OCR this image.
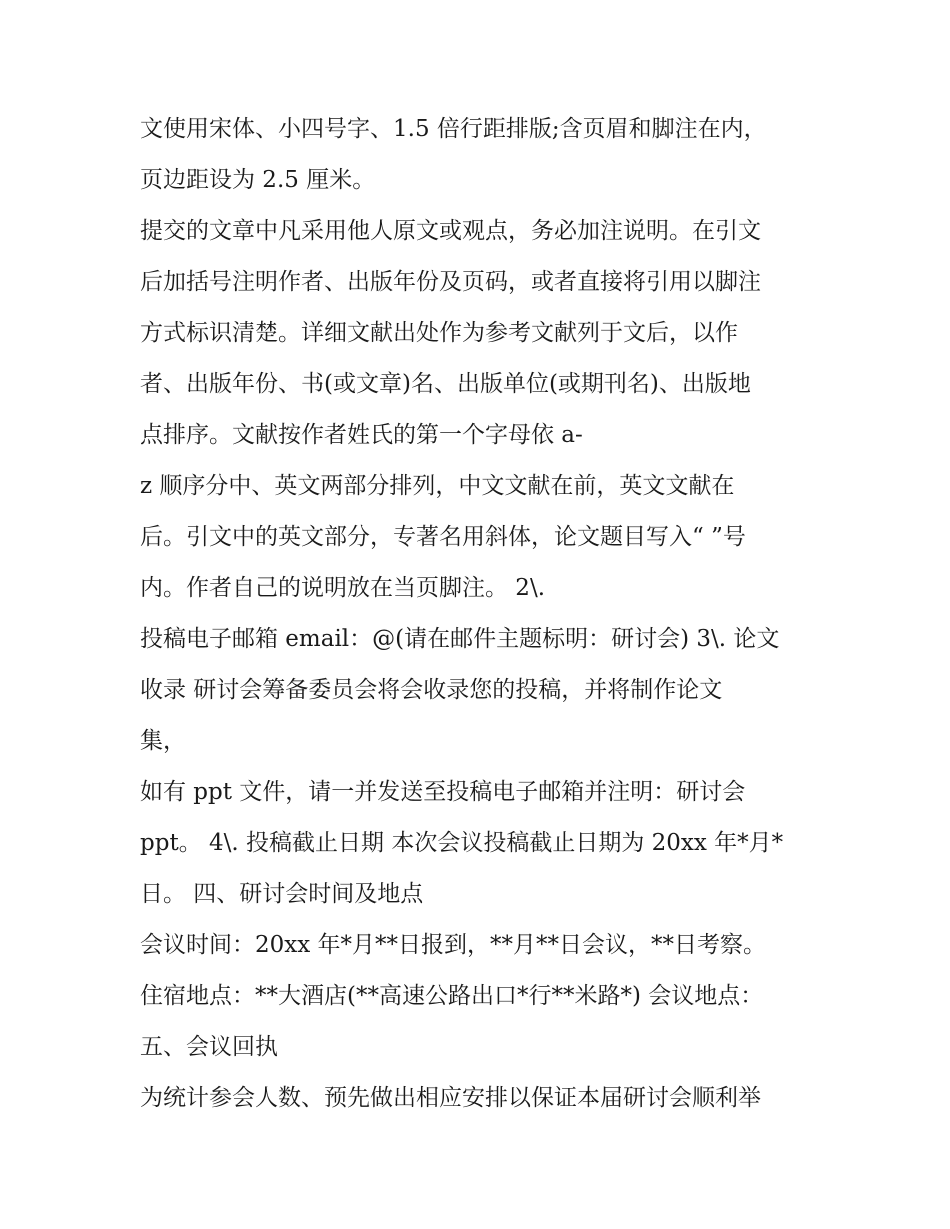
文使用宋体、小四号字、1.5 倍行距排版;含页眉和脚注在内，
页边距设为 2.5 厘米。
提交的文章中凡采用他人原文或观点，务必加注说明。在引文
后加括号注明作者、出版年份及页码，或者直接将引用以脚注
方式标识清楚。详细文献出处作为参考文献列于文后，以作
者、出版年份、书(或文章)名、出版单位(或期刊名)、出版地
点排序。文献按作者姓氏的第一个字母依 a-
z 顺序分中、英文两部分排列，中文文献在前，英文文献在
后。引文中的英文部分，专著名用斜体，论文题目写入“ ”号
内。作者自己的说明放在当页脚注。 2\.
投稿电子邮箱 email：@(请在邮件主题标明：研讨会) 3\. 论文
收录 研讨会筹备委员会将会收录您的投稿，并将制作论文
集，
如有 ppt 文件，请一并发送至投稿电子邮箱并注明：研讨会
ppt。 4\. 投稿截止日期 本次会议投稿截止日期为 20xx 年*月*
日。 四、研讨会时间及地点
会议时间：20xx 年*月**日报到，**月**日会议，**日考察。
住宿地点：**大酒店(**高速公路出口*行**米路*) 会议地点：
五、会议回执
为统计参会人数、预先做出相应安排以保证本届研讨会顺利举
